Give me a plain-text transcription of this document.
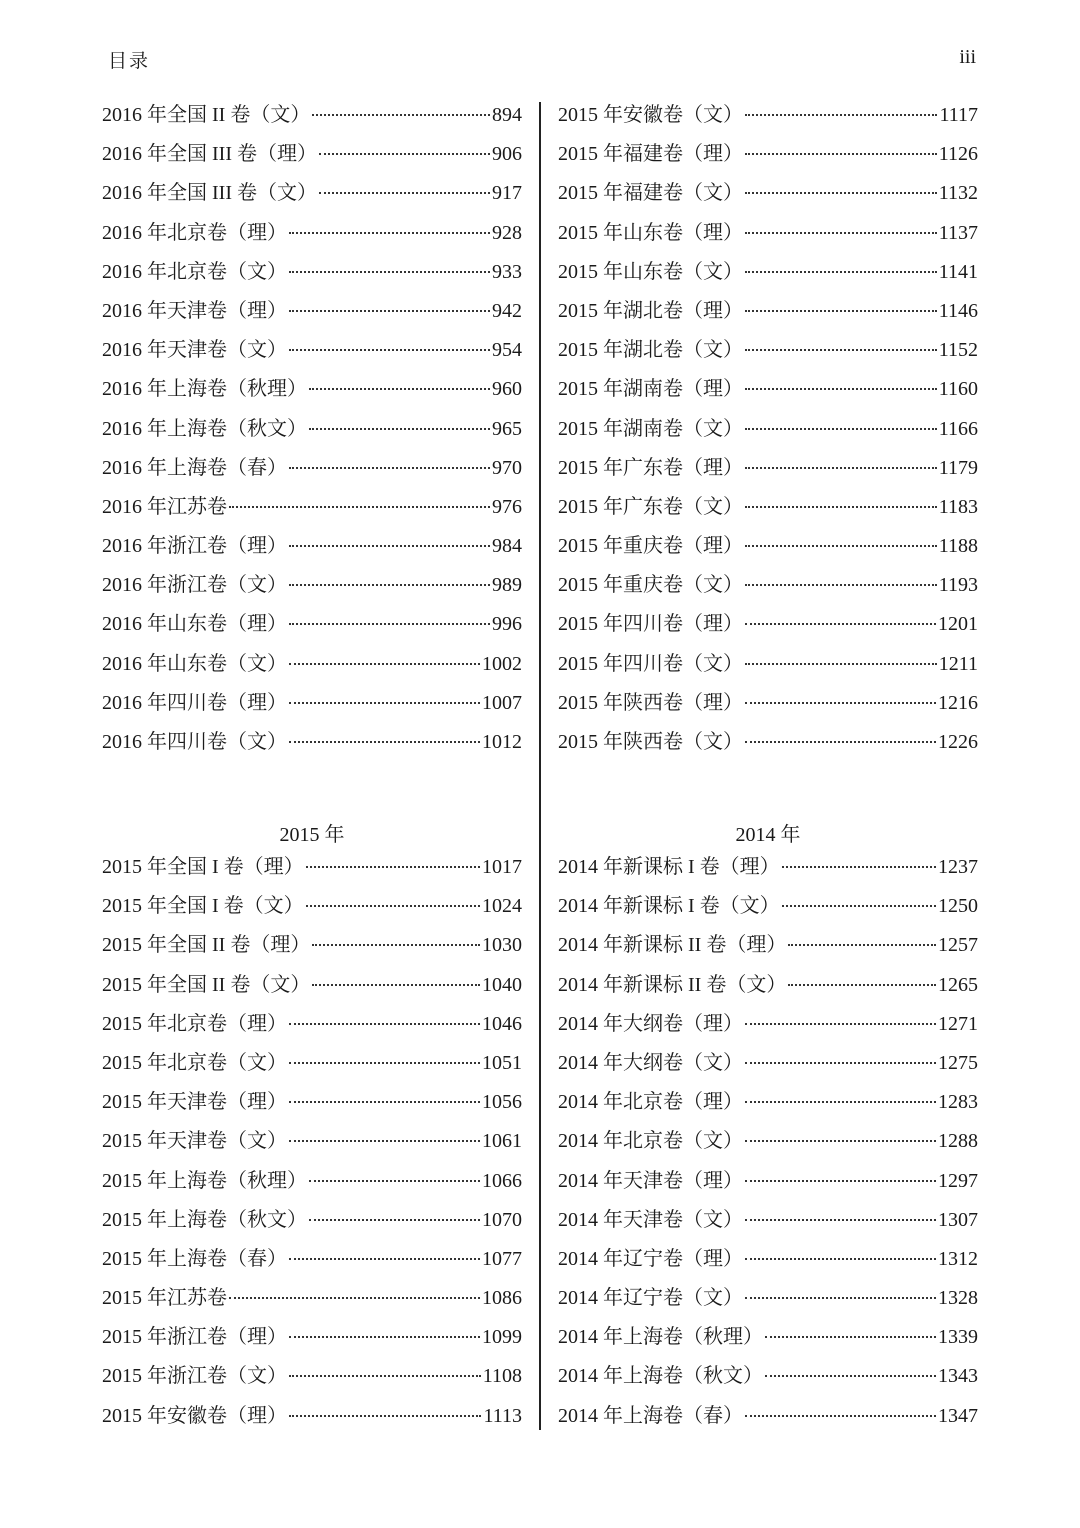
目录	iii
2016 年全国 II 卷（文）	894
2016 年全国 III 卷（理）	906
2016 年全国 III 卷（文）	917
2016 年北京卷（理）	928
2016 年北京卷（文）	933
2016 年天津卷（理）	942
2016 年天津卷（文）	954
2016 年上海卷（秋理）	960
2016 年上海卷（秋文）	965
2016 年上海卷（春）	970
2016 年江苏卷	976
2016 年浙江卷（理）	984
2016 年浙江卷（文）	989
2016 年山东卷（理）	996
2016 年山东卷（文）	1002
2016 年四川卷（理）	1007
2016 年四川卷（文）	1012
2015 年
2015 年全国 I 卷（理）	1017
2015 年全国 I 卷（文）	1024
2015 年全国 II 卷（理）	1030
2015 年全国 II 卷（文）	1040
2015 年北京卷（理）	1046
2015 年北京卷（文）	1051
2015 年天津卷（理）	1056
2015 年天津卷（文）	1061
2015 年上海卷（秋理）	1066
2015 年上海卷（秋文）	1070
2015 年上海卷（春）	1077
2015 年江苏卷	1086
2015 年浙江卷（理）	1099
2015 年浙江卷（文）	1108
2015 年安徽卷（理）	1113
2015 年安徽卷（文）	1117
2015 年福建卷（理）	1126
2015 年福建卷（文）	1132
2015 年山东卷（理）	1137
2015 年山东卷（文）	1141
2015 年湖北卷（理）	1146
2015 年湖北卷（文）	1152
2015 年湖南卷（理）	1160
2015 年湖南卷（文）	1166
2015 年广东卷（理）	1179
2015 年广东卷（文）	1183
2015 年重庆卷（理）	1188
2015 年重庆卷（文）	1193
2015 年四川卷（理）	1201
2015 年四川卷（文）	1211
2015 年陕西卷（理）	1216
2015 年陕西卷（文）	1226
2014 年
2014 年新课标 I 卷（理）	1237
2014 年新课标 I 卷（文）	1250
2014 年新课标 II 卷（理）	1257
2014 年新课标 II 卷（文）	1265
2014 年大纲卷（理）	1271
2014 年大纲卷（文）	1275
2014 年北京卷（理）	1283
2014 年北京卷（文）	1288
2014 年天津卷（理）	1297
2014 年天津卷（文）	1307
2014 年辽宁卷（理）	1312
2014 年辽宁卷（文）	1328
2014 年上海卷（秋理）	1339
2014 年上海卷（秋文）	1343
2014 年上海卷（春）	1347
